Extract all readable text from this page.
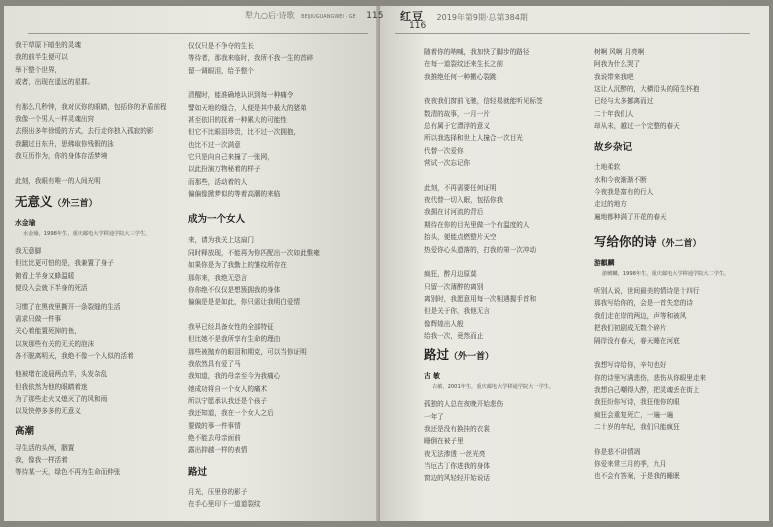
犁九○后·诗歌 BEIJIUGUANGWEI · GE 115
我干草原下暗坐的灵魂
我的前半生便可以
举下整个世界，
或者，出现在遥远的星群。
有那么几秒钟，我对厌你的眼睛，包括你的矛盾前程
我像一个男人一样灵魂出窍
去照出多年徐缓的方式，去行走你独入孤寂的影
我翻过日东升，思佛取你残假的泳
我互历作为，你的身体存活梦境
此刻，我眼有唯一的人间光明
无意义（外三首）
水金瑜
水金瑜，1998年生，重庆邮电大学移通学院大三学生。
我无意脚
但比比更可怕的是，我兼置了身子
俯看上半身又蜂温暖
便设入会就下半身的死活
习惯了在黑夜里撕开一条裂缝的生活
需求只做一件事
关心着能置死掉的鱼，
以灰那些有关的无关的泡沫
各不脱离明天，我绝不像一个人似的活着
他被堵在凌晨两点半，头发杂乱
但我依然为他的眼睛着迷
为了那些走火又熄灭了的风和雨
以及快停多多的无意义
高潮
寻生活的头颅，胭置
我，像我一样活着
等待某一天，绿色不再为生命而伸张
仅仅只是不争夺的生长
等待者，那我来临时，我所不我一生的首碎
留一调眼泪，给予整个
清醒时，能准确地认识到每一种痛令
譬如天地的缝合，人便是其中最大的猪弟
甚至依旧的抚着一种累大的可能性
但它不比眼泪珍贵，比不过一次拥抱，
也比不过一次满意
它只是向自己来撞了一张网，
以此扮演万物秘着的样子
而那些，活动着的人
偏偏像掀梦似的等着高潮的来临
成为一个女人
来，请为我关上这扇门
同时释放现，不能再为你匹配出一次如此惟雍
如果你是为了我勤上的雏纹所存在
那你来，我绝无恐言
你你绝不仅仅是想簇拥我的身体
偏偏是是是如此，你只需让我明白爱情
我早已经具备女性的全部特征
但比她不是我所享有生命的理由
那些被抛弃的眼泪和期克，可以当你证明
我依然具有爱了马
我知道，我的母亲至今为我痛心
她成功将自一个女人的痛术
所以宁愿承认我还是个孩子
我还知道，我在一个女人之后
要做的事一件事情
绝不能去母亲面前
露出抑越一样的表情
路过
月光，压里你的影子
在手心里印下一道道裂纹
红豆 2019年第9期·总第384期
116
随着你的呐喊，我加快了脚步的路径
在每一道裂纹还来生长之前
我推绝任何一种搬心裂跳
夜夜我们窗前飞驰，信轻易就能听见标签
数清的故事，一月一片
总有属于它漂浮的意义
所以我选择和世上人撞合一次目光
代替一次爱你
营试一次忘记你
此刻，不再需要任何证明
夜代替一切入眠，包括你我
我拥在讨河流的背后
期待在你的目光里做一个有温度的人
抬头，便能点燃整片天空
热爱你心头遗落的，打我的第一次冲动
疯狂，醉月边原莫
只留一次薄醉的离别
离别时，我愿意用每一次相遇握手首和
但是关于你，我他无言
像辉煌出人般
给我一次，竟然而止
路过（外一首）
古 敏
古敏，2001年生，重庆邮电大学移通学院大一学生。
孤独的人总在夜晚开始悲伤
一年了
我还是没有换挂的衣裳
睡倒在被子里
夜无法渗透 一丝光亮
当厄古丁你进我的身体
窗边的风轻轻开始说话
树啊 风啊 月亮啊
阿我为什么哭了
我说带来我吧
这让人沉醉的，大横沿头的陌生怀抱
已经与太多挪离而过
二十年我们人
却从未，越过一个完整的春天
故乡杂记
土地柔软
水和今夜渐渐不断
今夜我是富有的行人
走过的地方
遍地都种满了开花的春天
写给你的诗（外二首）
游麒麟
游麒麟，1998年生，重庆邮电大学移通学院大二学生。
听别人说，世间最美的情诗是十四行
那我写给你的，会是一首失恋的诗
我们走在岸的两边，声等和被风
把我们初剧成无数个碎片
隔岸没有春天，春天睡在河底
我想写诗给你，辛句也好
你的诗里写满悲伤，悲伤从你眼里走来
我想自己嘲得大醉，把灵魂丢在街上
我狂纷你写诗，我狂他你的眼
疯狂会重复死亡，一遍一遍
二十岁的年纪，我们只能疯狂
你是悲不讲情凋
你爱来常三月的季，九月
也不会有答案，于是我的睡眠
